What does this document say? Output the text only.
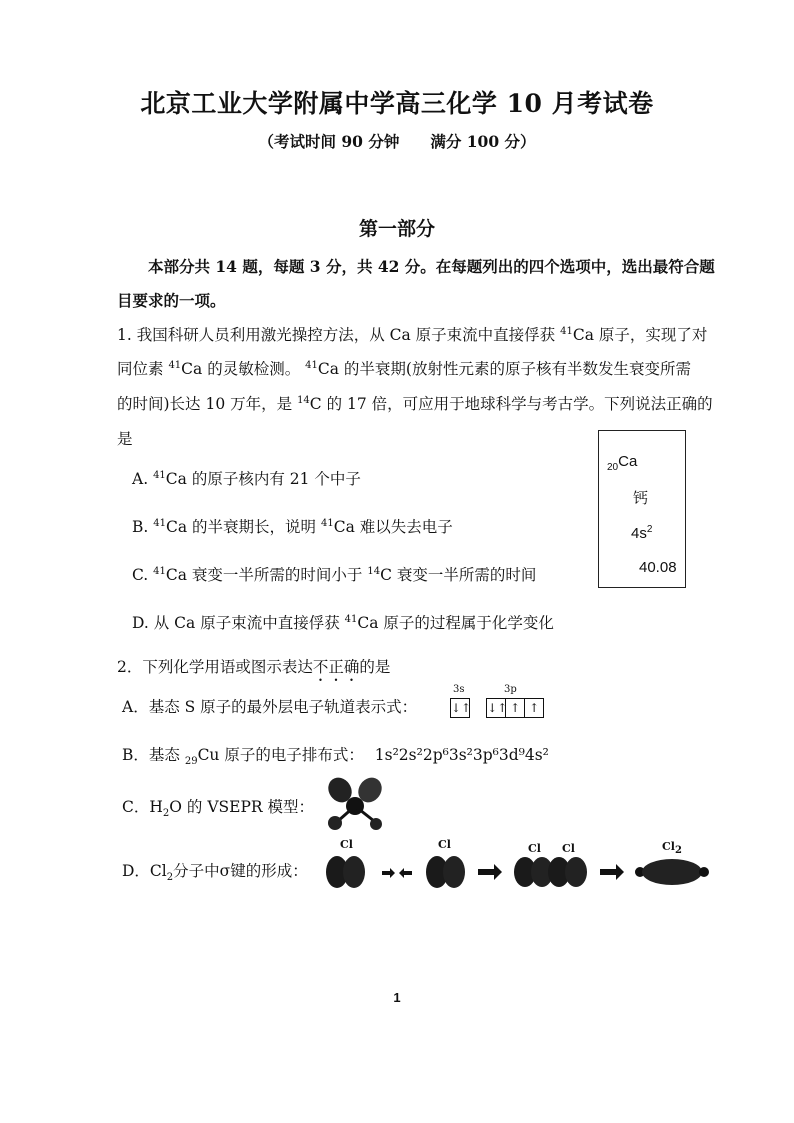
北京工业大学附属中学高三化学 10 月考试卷
（考试时间 90 分钟　　满分 100 分）
第一部分
本部分共 14 题，每题 3 分，共 42 分。在每题列出的四个选项中，选出最符合题
目要求的一项。
1. 我国科研人员利用激光操控方法，从 Ca 原子束流中直接俘获 $^{41}$Ca 原子，实现了对
同位素 $^{41}$Ca 的灵敏检测。 $^{41}$Ca 的半衰期(放射性元素的原子核有半数发生衰变所需
的时间)长达 10 万年，是 $^{14}$C 的 17 倍，可应用于地球科学与考古学。下列说法正确的
是
A. $^{41}$Ca 的原子核内有 21 个中子
B. $^{41}$Ca 的半衰期长，说明 $^{41}$Ca 难以失去电子
C. $^{41}$Ca 衰变一半所需的时间小于 $^{14}$C 衰变一半所需的时间
D. 从 Ca 原子束流中直接俘获 $^{41}$Ca 原子的过程属于化学变化
$_{20}$Ca
钙
$4s^2$
40.08
2．下列化学用语或图示表达不正确的是
A．基态 S 原子的最外层电子轨道表示式：
3s	3p
↓↑ ↓↑ ↑ ↑
B．基态 $_{29}$Cu 原子的电子排布式： 1s²2s²2p⁶3s²3p⁶3d⁹4s²
C．$H_2O$ 的 VSEPR 模型：
D．$Cl_2$分子中σ键的形成：
Cl	Cl	Cl Cl	$Cl_2$
1
